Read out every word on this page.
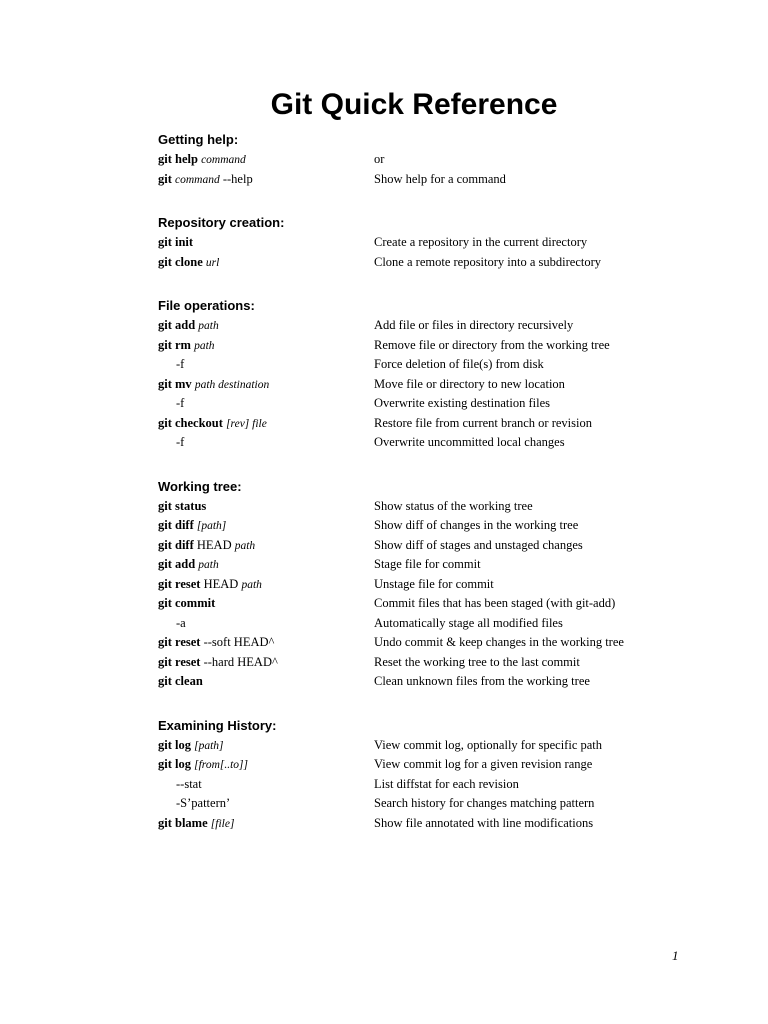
Git Quick Reference
Getting help:
git help command	or
git command --help	Show help for a command
Repository creation:
git init	Create a repository in the current directory
git clone url	Clone a remote repository into a subdirectory
File operations:
git add path	Add file or files in directory recursively
git rm path	Remove file or directory from the working tree
-f	Force deletion of file(s) from disk
git mv path destination	Move file or directory to new location
-f	Overwrite existing destination files
git checkout [rev] file	Restore file from current branch or revision
-f	Overwrite uncommitted local changes
Working tree:
git status	Show status of the working tree
git diff [path]	Show diff of changes in the working tree
git diff HEAD path	Show diff of stages and unstaged changes
git add path	Stage file for commit
git reset HEAD path	Unstage file for commit
git commit	Commit files that has been staged (with git-add)
-a	Automatically stage all modified files
git reset --soft HEAD^	Undo commit & keep changes in the working tree
git reset --hard HEAD^	Reset the working tree to the last commit
git clean	Clean unknown files from the working tree
Examining History:
git log [path]	View commit log, optionally for specific path
git log [from[..to]]	View commit log for a given revision range
--stat	List diffstat for each revision
-S’pattern’	Search history for changes matching pattern
git blame [file]	Show file annotated with line modifications
1
